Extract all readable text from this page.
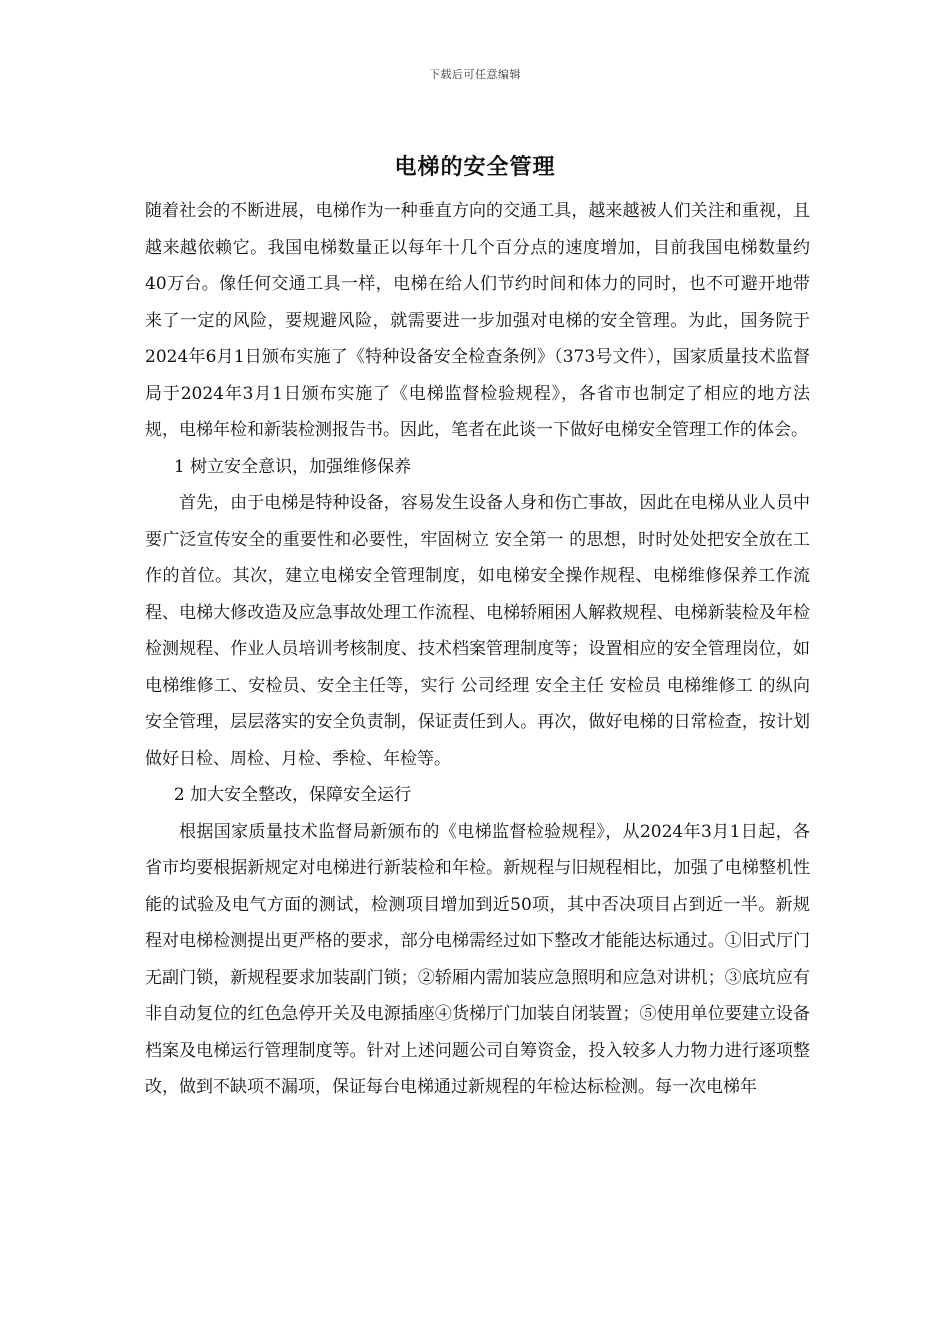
下载后可任意编辑
电梯的安全管理

随着社会的不断进展，电梯作为一种垂直方向的交通工具，越来越被人们关注和重视，且越来越依赖它。我国电梯数量正以每年十几个百分点的速度增加，目前我国电梯数量约40万台。像任何交通工具一样，电梯在给人们节约时间和体力的同时，也不可避开地带来了一定的风险，要规避风险，就需要进一步加强对电梯的安全管理。为此，国务院于2024年6月1日颁布实施了《特种设备安全检查条例》（373号文件），国家质量技术监督局于2024年3月1日颁布实施了《电梯监督检验规程》，各省市也制定了相应的地方法规，电梯年检和新装检测报告书。因此，笔者在此谈一下做好电梯安全管理工作的体会。

1 树立安全意识，加强维修保养

首先，由于电梯是特种设备，容易发生设备人身和伤亡事故，因此在电梯从业人员中要广泛宣传安全的重要性和必要性，牢固树立 安全第一 的思想，时时处处把安全放在工作的首位。其次，建立电梯安全管理制度，如电梯安全操作规程、电梯维修保养工作流程、电梯大修改造及应急事故处理工作流程、电梯轿厢困人解救规程、电梯新装检及年检检测规程、作业人员培训考核制度、技术档案管理制度等；设置相应的安全管理岗位，如电梯维修工、安检员、安全主任等，实行 公司经理 安全主任 安检员 电梯维修工 的纵向安全管理，层层落实的安全负责制，保证责任到人。再次，做好电梯的日常检查，按计划做好日检、周检、月检、季检、年检等。

2 加大安全整改，保障安全运行

根据国家质量技术监督局新颁布的《电梯监督检验规程》，从2024年3月1日起，各省市均要根据新规定对电梯进行新装检和年检。新规程与旧规程相比，加强了电梯整机性能的试验及电气方面的测试，检测项目增加到近50项，其中否决项目占到近一半。新规程对电梯检测提出更严格的要求，部分电梯需经过如下整改才能能达标通过。①旧式厅门无副门锁，新规程要求加装副门锁；②轿厢内需加装应急照明和应急对讲机；③底坑应有非自动复位的红色急停开关及电源插座④货梯厅门加装自闭装置；⑤使用单位要建立设备档案及电梯运行管理制度等。针对上述问题公司自筹资金，投入较多人力物力进行逐项整改，做到不缺项不漏项，保证每台电梯通过新规程的年检达标检测。每一次电梯年
